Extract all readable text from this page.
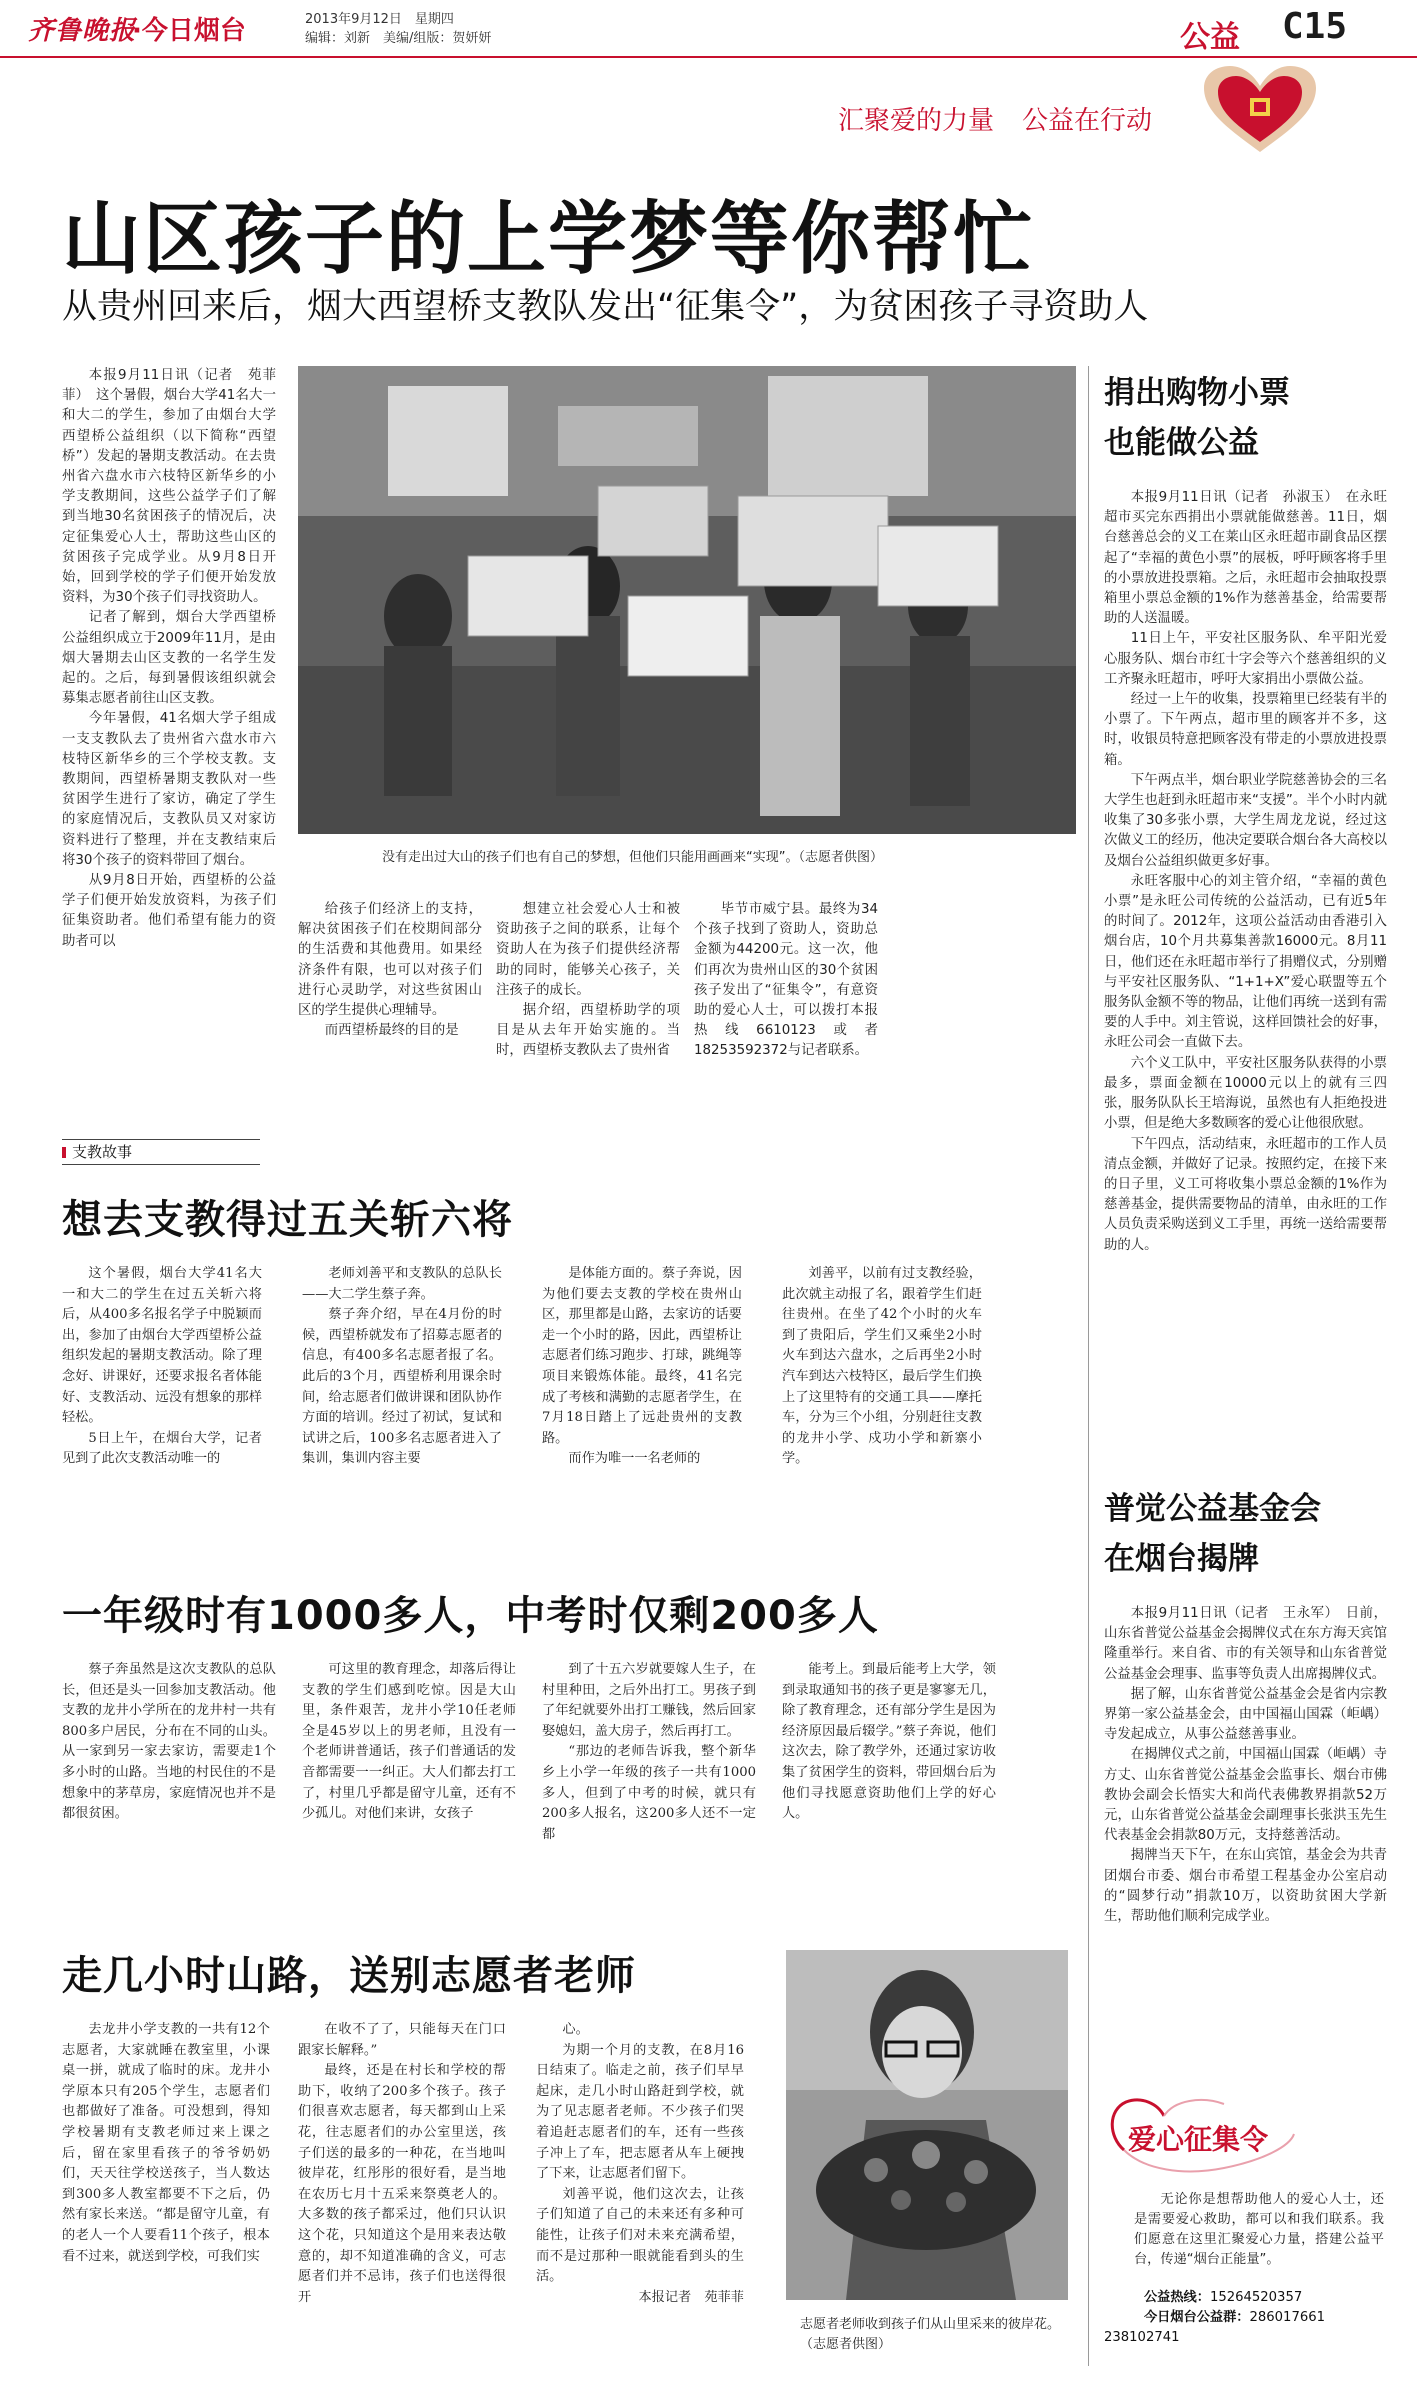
齐鲁晚报
·今日烟台	2013年9月12日　星期四
编辑：刘新　美编/组版：贺妍妍	公益 C15
汇聚爱的力量 公益在行动
山区孩子的上学梦等你帮忙
从贵州回来后，烟大西望桥支教队发出“征集令”，为贫困孩子寻资助人

本报9月11日讯（记者　苑菲菲）　这个暑假，烟台大学41名大一和大二的学生，参加了由烟台大学西望桥公益组织（以下简称“西望桥”）发起的暑期支教活动。在去贵州省六盘水市六枝特区新华乡的小学支教期间，这些公益学子们了解到当地30名贫困孩子的情况后，决定征集爱心人士，帮助这些山区的贫困孩子完成学业。从9月8日开始，回到学校的学子们便开始发放资料，为30个孩子们寻找资助人。

记者了解到，烟台大学西望桥公益组织成立于2009年11月，是由烟大暑期去山区支教的一名学生发起的。之后，每到暑假该组织就会募集志愿者前往山区支教。

今年暑假，41名烟大学子组成一支支教队去了贵州省六盘水市六枝特区新华乡的三个学校支教。支教期间，西望桥暑期支教队对一些贫困学生进行了家访，确定了学生的家庭情况后，支教队员又对家访资料进行了整理，并在支教结束后将30个孩子的资料带回了烟台。

从9月8日开始，西望桥的公益学子们便开始发放资料，为孩子们征集资助者。他们希望有能力的资助者可以

没有走出过大山的孩子们也有自己的梦想，但他们只能用画画来“实现”。（志愿者供图）

给孩子们经济上的支持，解决贫困孩子们在校期间部分的生活费和其他费用。如果经济条件有限，也可以对孩子们进行心灵助学，对这些贫困山区的学生提供心理辅导。

而西望桥最终的目的是

想建立社会爱心人士和被资助孩子之间的联系，让每个资助人在为孩子们提供经济帮助的同时，能够关心孩子，关注孩子的成长。

据介绍，西望桥助学的项目是从去年开始实施的。当时，西望桥支教队去了贵州省

毕节市威宁县。最终为34个孩子找到了资助人，资助总金额为44200元。这一次，他们再次为贵州山区的30个贫困孩子发出了“征集令”，有意资助的爱心人士，可以拨打本报热线6610123或者18253592372与记者联系。

支教故事
想去支教得过五关斩六将

这个暑假，烟台大学41名大一和大二的学生在过五关斩六将后，从400多名报名学子中脱颖而出，参加了由烟台大学西望桥公益组织发起的暑期支教活动。除了理念好、讲课好，还要求报名者体能好、支教活动、远没有想象的那样轻松。

5日上午，在烟台大学，记者见到了此次支教活动唯一的

老师刘善平和支教队的总队长——大二学生蔡子奔。

蔡子奔介绍，早在4月份的时候，西望桥就发布了招募志愿者的信息，有400多名志愿者报了名。此后的3个月，西望桥利用课余时间，给志愿者们做讲课和团队协作方面的培训。经过了初试，复试和试讲之后，100多名志愿者进入了集训，集训内容主要

是体能方面的。蔡子奔说，因为他们要去支教的学校在贵州山区，那里都是山路，去家访的话要走一个小时的路，因此，西望桥让志愿者们练习跑步、打球，跳绳等项目来锻炼体能。最终，41名完成了考核和满勤的志愿者学生，在7月18日踏上了远赴贵州的支教路。

而作为唯一一名老师的

刘善平，以前有过支教经验，此次就主动报了名，跟着学生们赶往贵州。在坐了42个小时的火车到了贵阳后，学生们又乘坐2小时火车到达六盘水，之后再坐2小时汽车到达六枝特区，最后学生们换上了这里特有的交通工具——摩托车，分为三个小组，分别赶往支教的龙井小学、戍功小学和新寨小学。

一年级时有1000多人，中考时仅剩200多人

蔡子奔虽然是这次支教队的总队长，但还是头一回参加支教活动。他支教的龙井小学所在的龙井村一共有800多户居民，分布在不同的山头。从一家到另一家去家访，需要走1个多小时的山路。当地的村民住的不是想象中的茅草房，家庭情况也并不是都很贫困。

可这里的教育理念，却落后得让支教的学生们感到吃惊。因是大山里，条件艰苦，龙井小学10任老师全是45岁以上的男老师，且没有一个老师讲普通话，孩子们普通话的发音都需要一一纠正。大人们都去打工了，村里几乎都是留守儿童，还有不少孤儿。对他们来讲，女孩子

到了十五六岁就要嫁人生子，在村里种田，之后外出打工。男孩子到了年纪就要外出打工赚钱，然后回家娶媳妇，盖大房子，然后再打工。

“那边的老师告诉我，整个新华乡上小学一年级的孩子一共有1000多人，但到了中考的时候，就只有200多人报名，这200多人还不一定都

能考上。到最后能考上大学，领到录取通知书的孩子更是寥寥无几，除了教育理念，还有部分学生是因为经济原因最后辍学。”蔡子奔说，他们这次去，除了教学外，还通过家访收集了贫困学生的资料，带回烟台后为他们寻找愿意资助他们上学的好心人。

走几小时山路，送别志愿者老师

去龙井小学支教的一共有12个志愿者，大家就睡在教室里，小课桌一拼，就成了临时的床。龙井小学原本只有205个学生，志愿者们也都做好了准备。可没想到，得知学校暑期有支教老师过来上课之后，留在家里看孩子的爷爷奶奶们，天天往学校送孩子，当人数达到300多人教室都要不下之后，仍然有家长来送。“都是留守儿童，有的老人一个人要看11个孩子，根本看不过来，就送到学校，可我们实

在收不了了，只能每天在门口跟家长解释。”

最终，还是在村长和学校的帮助下，收纳了200多个孩子。孩子们很喜欢志愿者，每天都到山上采花，往志愿者们的办公室里送，孩子们送的最多的一种花，在当地叫彼岸花，红彤彤的很好看，是当地在农历七月十五采来祭奠老人的。大多数的孩子都采过，他们只认识这个花，只知道这个是用来表达敬意的，却不知道准确的含义，可志愿者们并不忌讳，孩子们也送得很开

心。

为期一个月的支教，在8月16日结束了。临走之前，孩子们早早起床，走几小时山路赶到学校，就为了见志愿者老师。不少孩子们哭着追赶志愿者们的车，还有一些孩子冲上了车，把志愿者从车上硬拽了下来，让志愿者们留下。

刘善平说，他们这次去，让孩子们知道了自己的未来还有多种可能性，让孩子们对未来充满希望，而不是过那种一眼就能看到头的生活。

本报记者　苑菲菲

志愿者老师收到孩子们从山里采来的彼岸花。（志愿者供图）
捐出购物小票
也能做公益

本报9月11日讯（记者　孙淑玉）　在永旺超市买完东西捐出小票就能做慈善。11日，烟台慈善总会的义工在莱山区永旺超市副食品区摆起了“幸福的黄色小票”的展板，呼吁顾客将手里的小票放进投票箱。之后，永旺超市会抽取投票箱里小票总金额的1%作为慈善基金，给需要帮助的人送温暖。

11日上午，平安社区服务队、牟平阳光爱心服务队、烟台市红十字会等六个慈善组织的义工齐聚永旺超市，呼吁大家捐出小票做公益。

经过一上午的收集，投票箱里已经装有半的小票了。下午两点，超市里的顾客并不多，这时，收银员特意把顾客没有带走的小票放进投票箱。

下午两点半，烟台职业学院慈善协会的三名大学生也赶到永旺超市来“支援”。半个小时内就收集了30多张小票，大学生周龙龙说，经过这次做义工的经历，他决定要联合烟台各大高校以及烟台公益组织做更多好事。

永旺客服中心的刘主管介绍，“幸福的黄色小票”是永旺公司传统的公益活动，已有近5年的时间了。2012年，这项公益活动由香港引入烟台店，10个月共募集善款16000元。8月11日，他们还在永旺超市举行了捐赠仪式，分别赠与平安社区服务队、“1+1+X”爱心联盟等五个服务队金额不等的物品，让他们再统一送到有需要的人手中。刘主管说，这样回馈社会的好事，永旺公司会一直做下去。

六个义工队中，平安社区服务队获得的小票最多，票面金额在10000元以上的就有三四张，服务队队长王培海说，虽然也有人拒绝投进小票，但是绝大多数顾客的爱心让他很欣慰。

下午四点，活动结束，永旺超市的工作人员清点金额，并做好了记录。按照约定，在接下来的日子里，义工可将收集小票总金额的1%作为慈善基金，提供需要物品的清单，由永旺的工作人员负责采购送到义工手里，再统一送给需要帮助的人。

普觉公益基金会
在烟台揭牌

本报9月11日讯（记者　王永军）　日前，山东省普觉公益基金会揭牌仪式在东方海天宾馆隆重举行。来自省、市的有关领导和山东省普觉公益基金会理事、监事等负责人出席揭牌仪式。

据了解，山东省普觉公益基金会是省内宗教界第一家公益基金会，由中国福山国霖（岠嵎）寺发起成立，从事公益慈善事业。

在揭牌仪式之前，中国福山国霖（岠嵎）寺方丈、山东省普觉公益基金会监事长、烟台市佛教协会副会长悟实大和尚代表佛教界捐款52万元，山东省普觉公益基金会副理事长张洪玉先生代表基金会捐款80万元，支持慈善活动。

揭牌当天下午，在东山宾馆，基金会为共青团烟台市委、烟台市希望工程基金办公室启动的“圆梦行动”捐款10万，以资助贫困大学新生，帮助他们顺利完成学业。

爱心征集令

无论你是想帮助他人的爱心人士，还是需要爱心救助，都可以和我们联系。我们愿意在这里汇聚爱心力量，搭建公益平台，传递“烟台正能量”。

公益热线：15264520357
今日烟台公益群：286017661
238102741
